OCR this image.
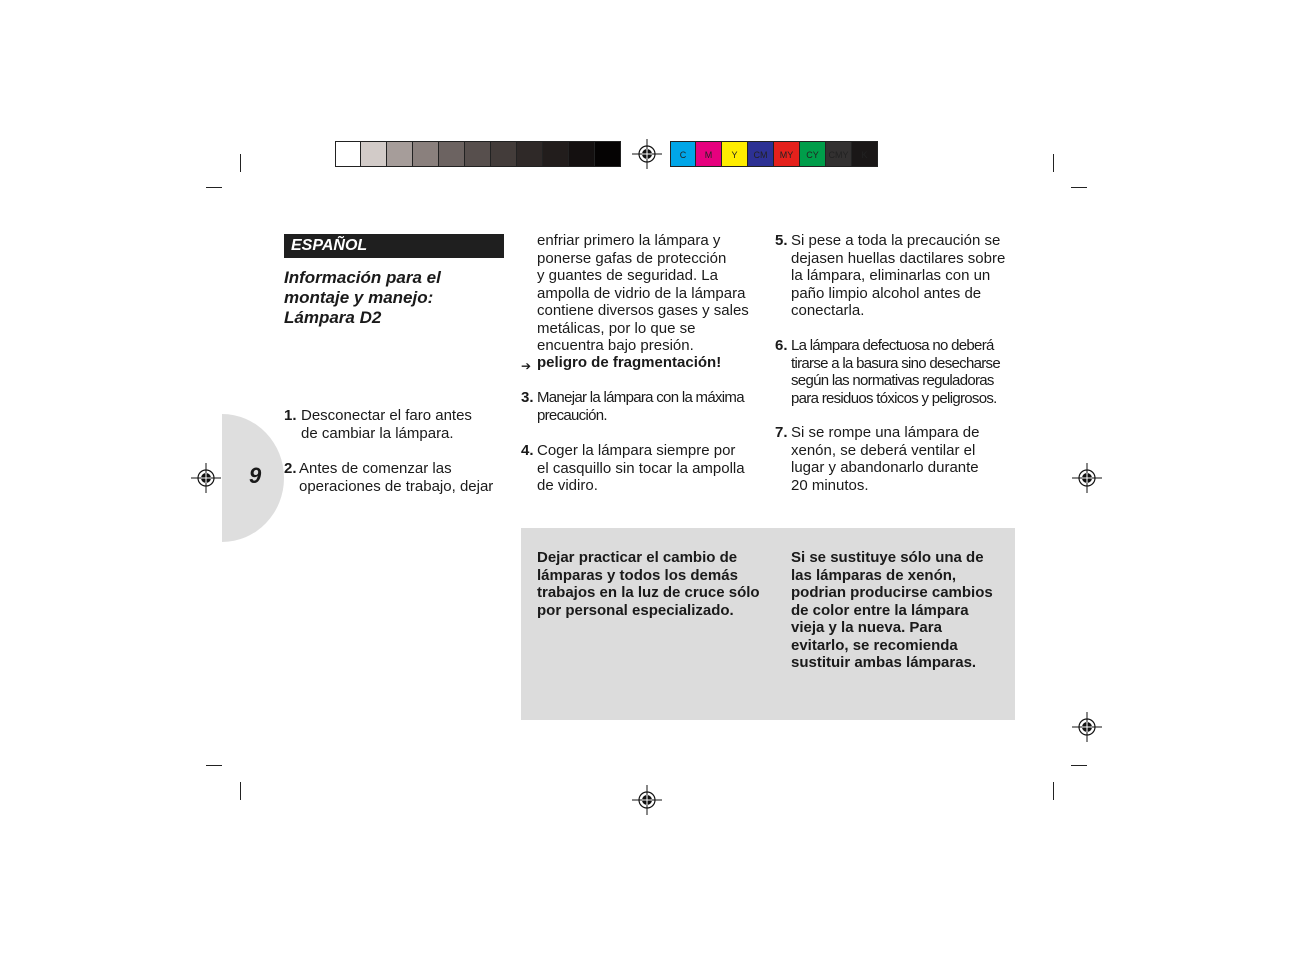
C	M	Y	CM	MY	CY	CMY	K
9
ESPAÑOL
Información para el
montaje y manejo:
Lámpara D2
1. Desconectar el faro antes
de cambiar la lámpara.
2. Antes de comenzar las
operaciones de trabajo, dejar
enfriar primero la lámpara y
ponerse gafas de protección
y guantes de seguridad. La
ampolla de vidrio de la lámpara
contiene diversos gases y sales
metálicas, por lo que se
encuentra bajo presión.
➔ peligro de fragmentación!
3. Manejar la lámpara con la máxima
precaución.
4. Coger la lámpara siempre por
el casquillo sin tocar la ampolla
de vidiro.
5. Si pese a toda la precaución se
dejasen huellas dactilares sobre
la lámpara, eliminarlas con un
paño limpio alcohol antes de
conectarla.
6. La lámpara defectuosa no deberá
tirarse a la basura sino desecharse
según las normativas reguladoras
para residuos tóxicos y peligrosos.
7. Si se rompe una lámpara de
xenón, se deberá ventilar el
lugar y abandonarlo durante
20 minutos.
Dejar practicar el cambio de
lámparas y todos los demás
trabajos en la luz de cruce sólo
por personal especializado.
Si se sustituye sólo una de
las lámparas de xenón,
podrian producirse cambios
de color entre la lámpara
vieja y la nueva. Para
evitarlo, se recomienda
sustituir ambas lámparas.
